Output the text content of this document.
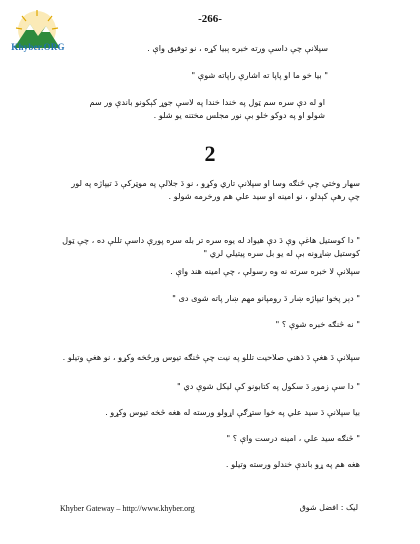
Khyber.ORG
-266-
سپلانې چې داسې ورته خبره ېبيا کړه ، نو توفيق واې .
" بيا خو ما او پاپا ته اشارې راپاته شوې "
او له دې سره سم ټول په خندا خندا په لاسې جوړ کېکونو باندې ور سم شولو او په دوکو خلو بې نور مجلس مختنه يو شلو .
2
سهار وختي چې څنګه وسا او سپلانې تاري وکړو ، نو دَ جلالې په موټرکې دَ تيپاژه په لور چې رهې کېدلو ، نو امينه او سيد علي هم ورخرمه شولو .
" دا کوستيل هاغې وې دَ دې هيواد له يوه سره تر بله سره پورې داسې تللې ده ، چې ټول کوستيل ښاړونه بې له يو بل سره پيتيلي لري "
سپلانې لا خبره سرته نه وه رسولې ، چې امينه هند واې .
" دېر پخوا تيپاژه ښار دَ رومپانو مهم ښار پاته شوی دی "
" نه څنګه خبره شوې ؟ "
سپلانې دَ هغې دَ ذهني صلاحيت تللو په نيت چې څنګه تيوس ورځخه وکړو ، نو هغې وتيلو .
" دا سې زموږ دَ سکول په کتابونو کې ليکل شوې دي "
بيا سپلانې دَ سيد علي په خوا ستړګې اړولو ورسته له هغه څخه تيوس وکړو .
" څنګه سيد علي ، امينه درست واې ؟ "
هغه هم په ړو باندې خندلو ورسته وتيلو .
Khyber Gateway – http://www.khyber.org	ليک : افضل شوق
